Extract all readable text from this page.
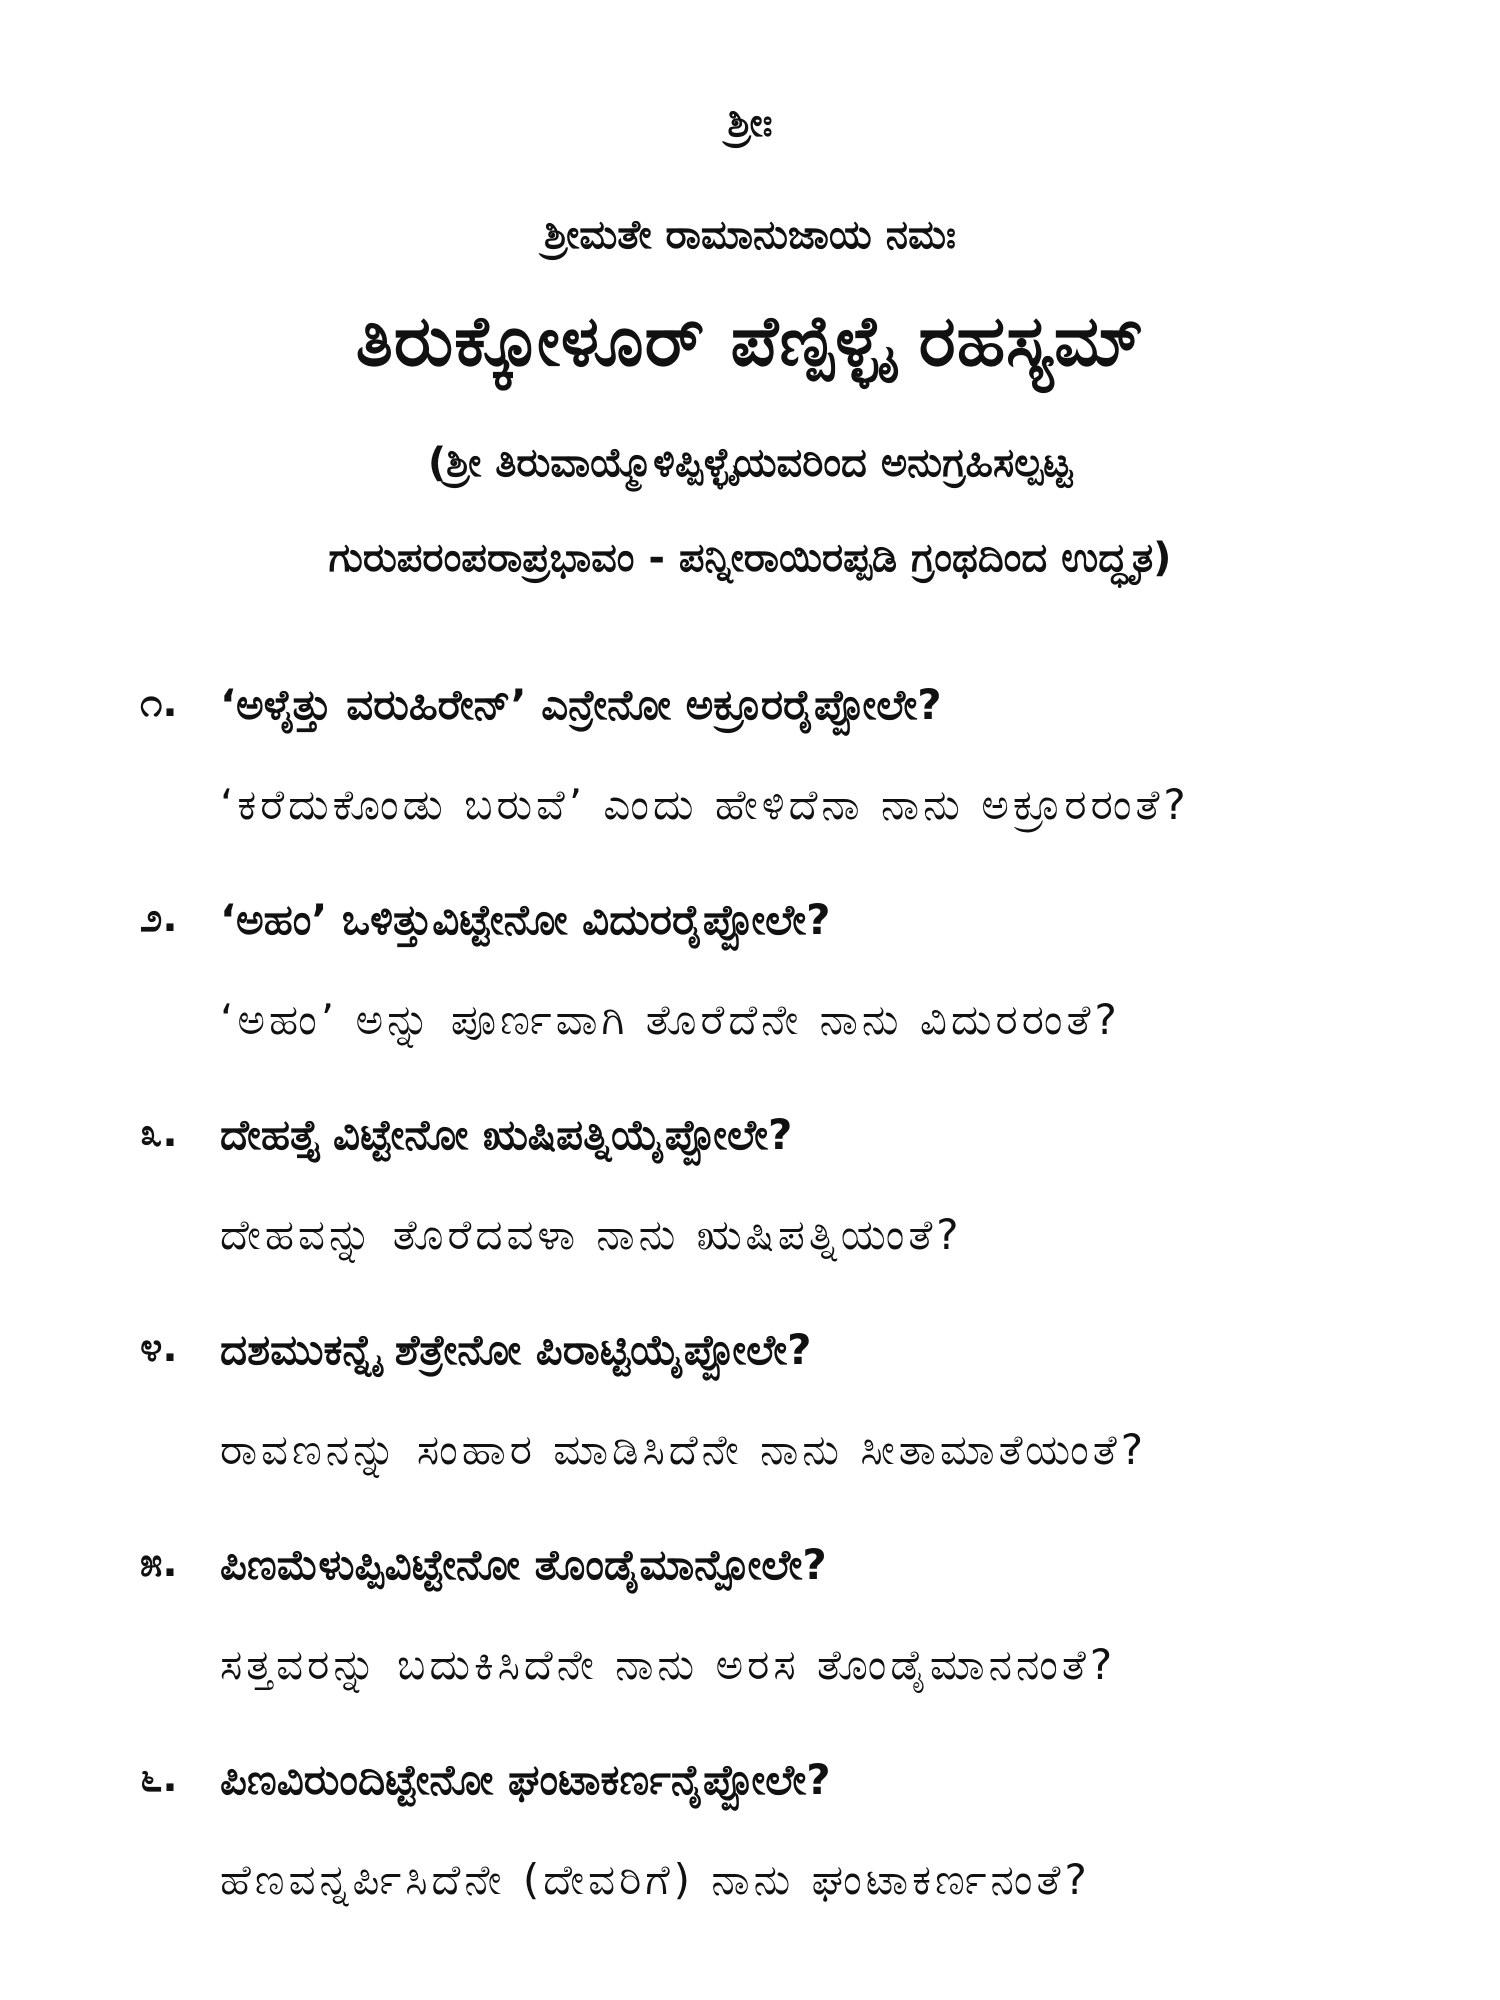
ಶ್ರೀಃ
ಶ್ರೀಮತೇ ರಾಮಾನುಜಾಯ ನಮಃ
ತಿರುಕ್ಕೋಳೂರ್ ಪೆಣ್ಪಿಳ್ಳೈ ರಹಸ್ಯಮ್
(ಶ್ರೀ ತಿರುವಾಯ್ಮೊಳಿಪ್ಪಿಳ್ಳೈಯವರಿಂದ ಅನುಗ್ರಹಿಸಲ್ಪಟ್ಟ
ಗುರುಪರಂಪರಾಪ್ರಭಾವಂ - ಪನ್ನೀರಾಯಿರಪ್ಪಡಿ ಗ್ರಂಥದಿಂದ ಉದ್ಧೃತ)
೧. ‘ಅಳೈತ್ತು ವರುಹಿರೇನ್’ ಎನ್ರೇನೋ ಅಕ್ರೂರರೈಪ್ಪೋಲೇ?
‘ಕರೆದುಕೊಂಡು ಬರುವೆ’ ಎಂದು ಹೇಳಿದೆನಾ ನಾನು ಅಕ್ರೂರರಂತೆ?
೨. ‘ಅಹಂ’ ಒಳಿತ್ತುವಿಟ್ಟೇನೋ ವಿದುರರೈಪ್ಪೋಲೇ?
‘ಅಹಂ’ ಅನ್ನು ಪೂರ್ಣವಾಗಿ ತೊರೆದೆನೇ ನಾನು ವಿದುರರಂತೆ?
೩. ದೇಹತ್ತೈ ವಿಟ್ಟೇನೋ ಋಷಿಪತ್ನಿಯೈಪ್ಪೋಲೇ?
ದೇಹವನ್ನು ತೊರೆದವಳಾ ನಾನು ಋಷಿಪತ್ನಿಯಂತೆ?
೪. ದಶಮುಕನ್ನೈ ಶೆತ್ರೇನೋ ಪಿರಾಟ್ಟಿಯೈಪ್ಪೋಲೇ?
ರಾವಣನನ್ನು ಸಂಹಾರ ಮಾಡಿಸಿದೆನೇ ನಾನು ಸೀತಾಮಾತೆಯಂತೆ?
೫. ಪಿಣಮೆಳುಪ್ಪಿವಿಟ್ಟೇನೋ ತೊಂಡೈಮಾನ್ಪೋಲೇ?
ಸತ್ತವರನ್ನು ಬದುಕಿಸಿದೆನೇ ನಾನು ಅರಸ ತೊಂಡೈಮಾನನಂತೆ?
೬. ಪಿಣವಿರುಂದಿಟ್ಟೇನೋ ಘಂಟಾಕರ್ಣನೈಪ್ಪೋಲೇ?
ಹೆಣವನ್ನರ್ಪಿಸಿದೆನೇ (ದೇವರಿಗೆ) ನಾನು ಘಂಟಾಕರ್ಣನಂತೆ?
